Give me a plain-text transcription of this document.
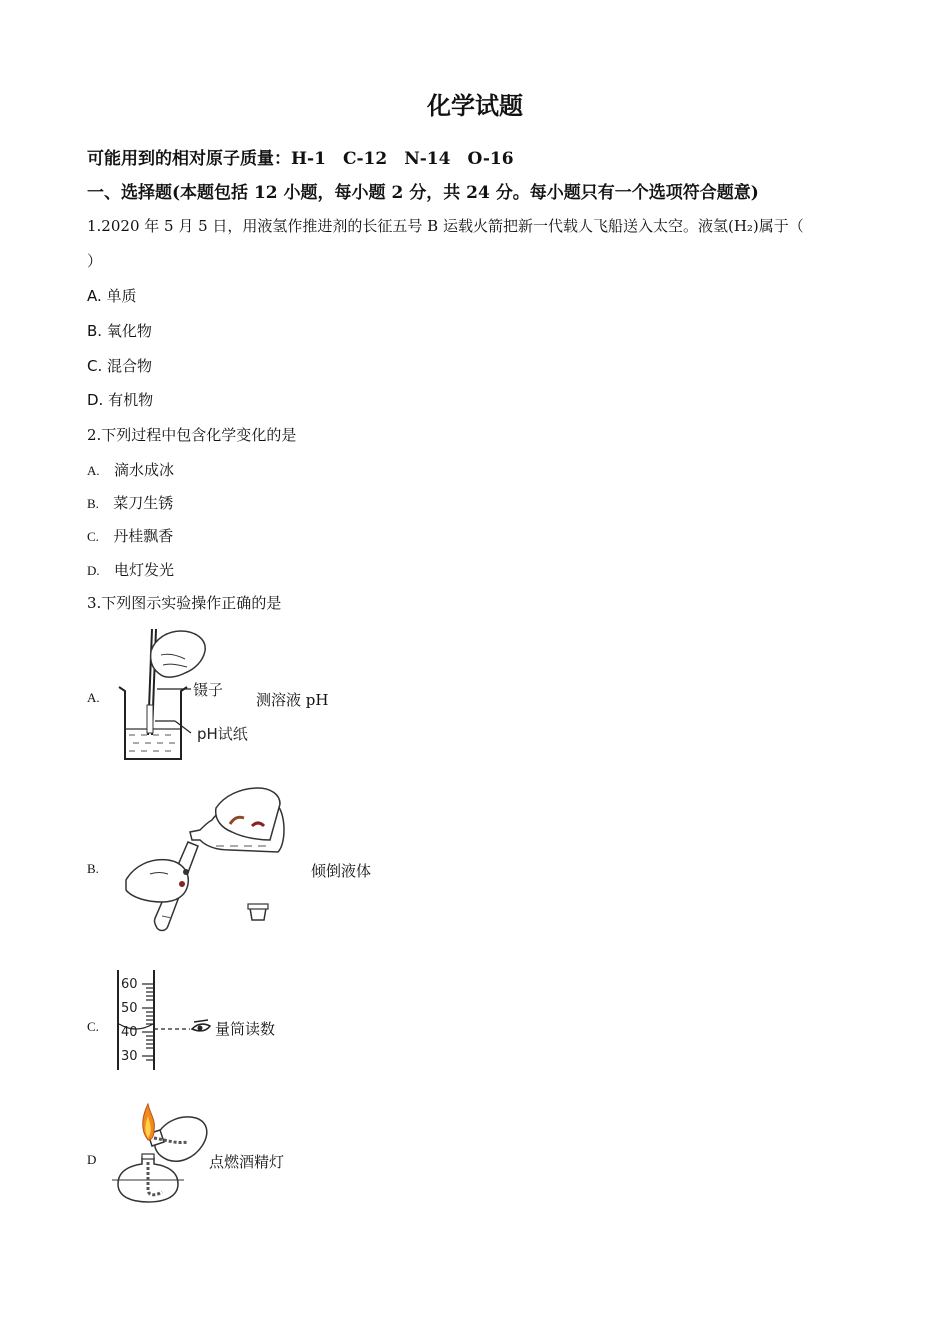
化学试题
可能用到的相对原子质量：H-1　C-12　N-14　O-16
一、选择题(本题包括 12 小题，每小题 2 分，共 24 分。每小题只有一个选项符合题意)
1.2020 年 5 月 5 日，用液氢作推进剂的长征五号 B 运载火箭把新一代载人飞船送入太空。液氢(H₂)属于（
）
A. 单质
B. 氧化物
C. 混合物
D. 有机物
2.下列过程中包含化学变化的是
A. 滴水成冰
B. 菜刀生锈
C. 丹桂飘香
D. 电灯发光
3.下列图示实验操作正确的是
A.	镊子
pH试纸
测溶液 pH
B.	倾倒液体
C.
60
50
40
30
量筒读数
D	点燃酒精灯
